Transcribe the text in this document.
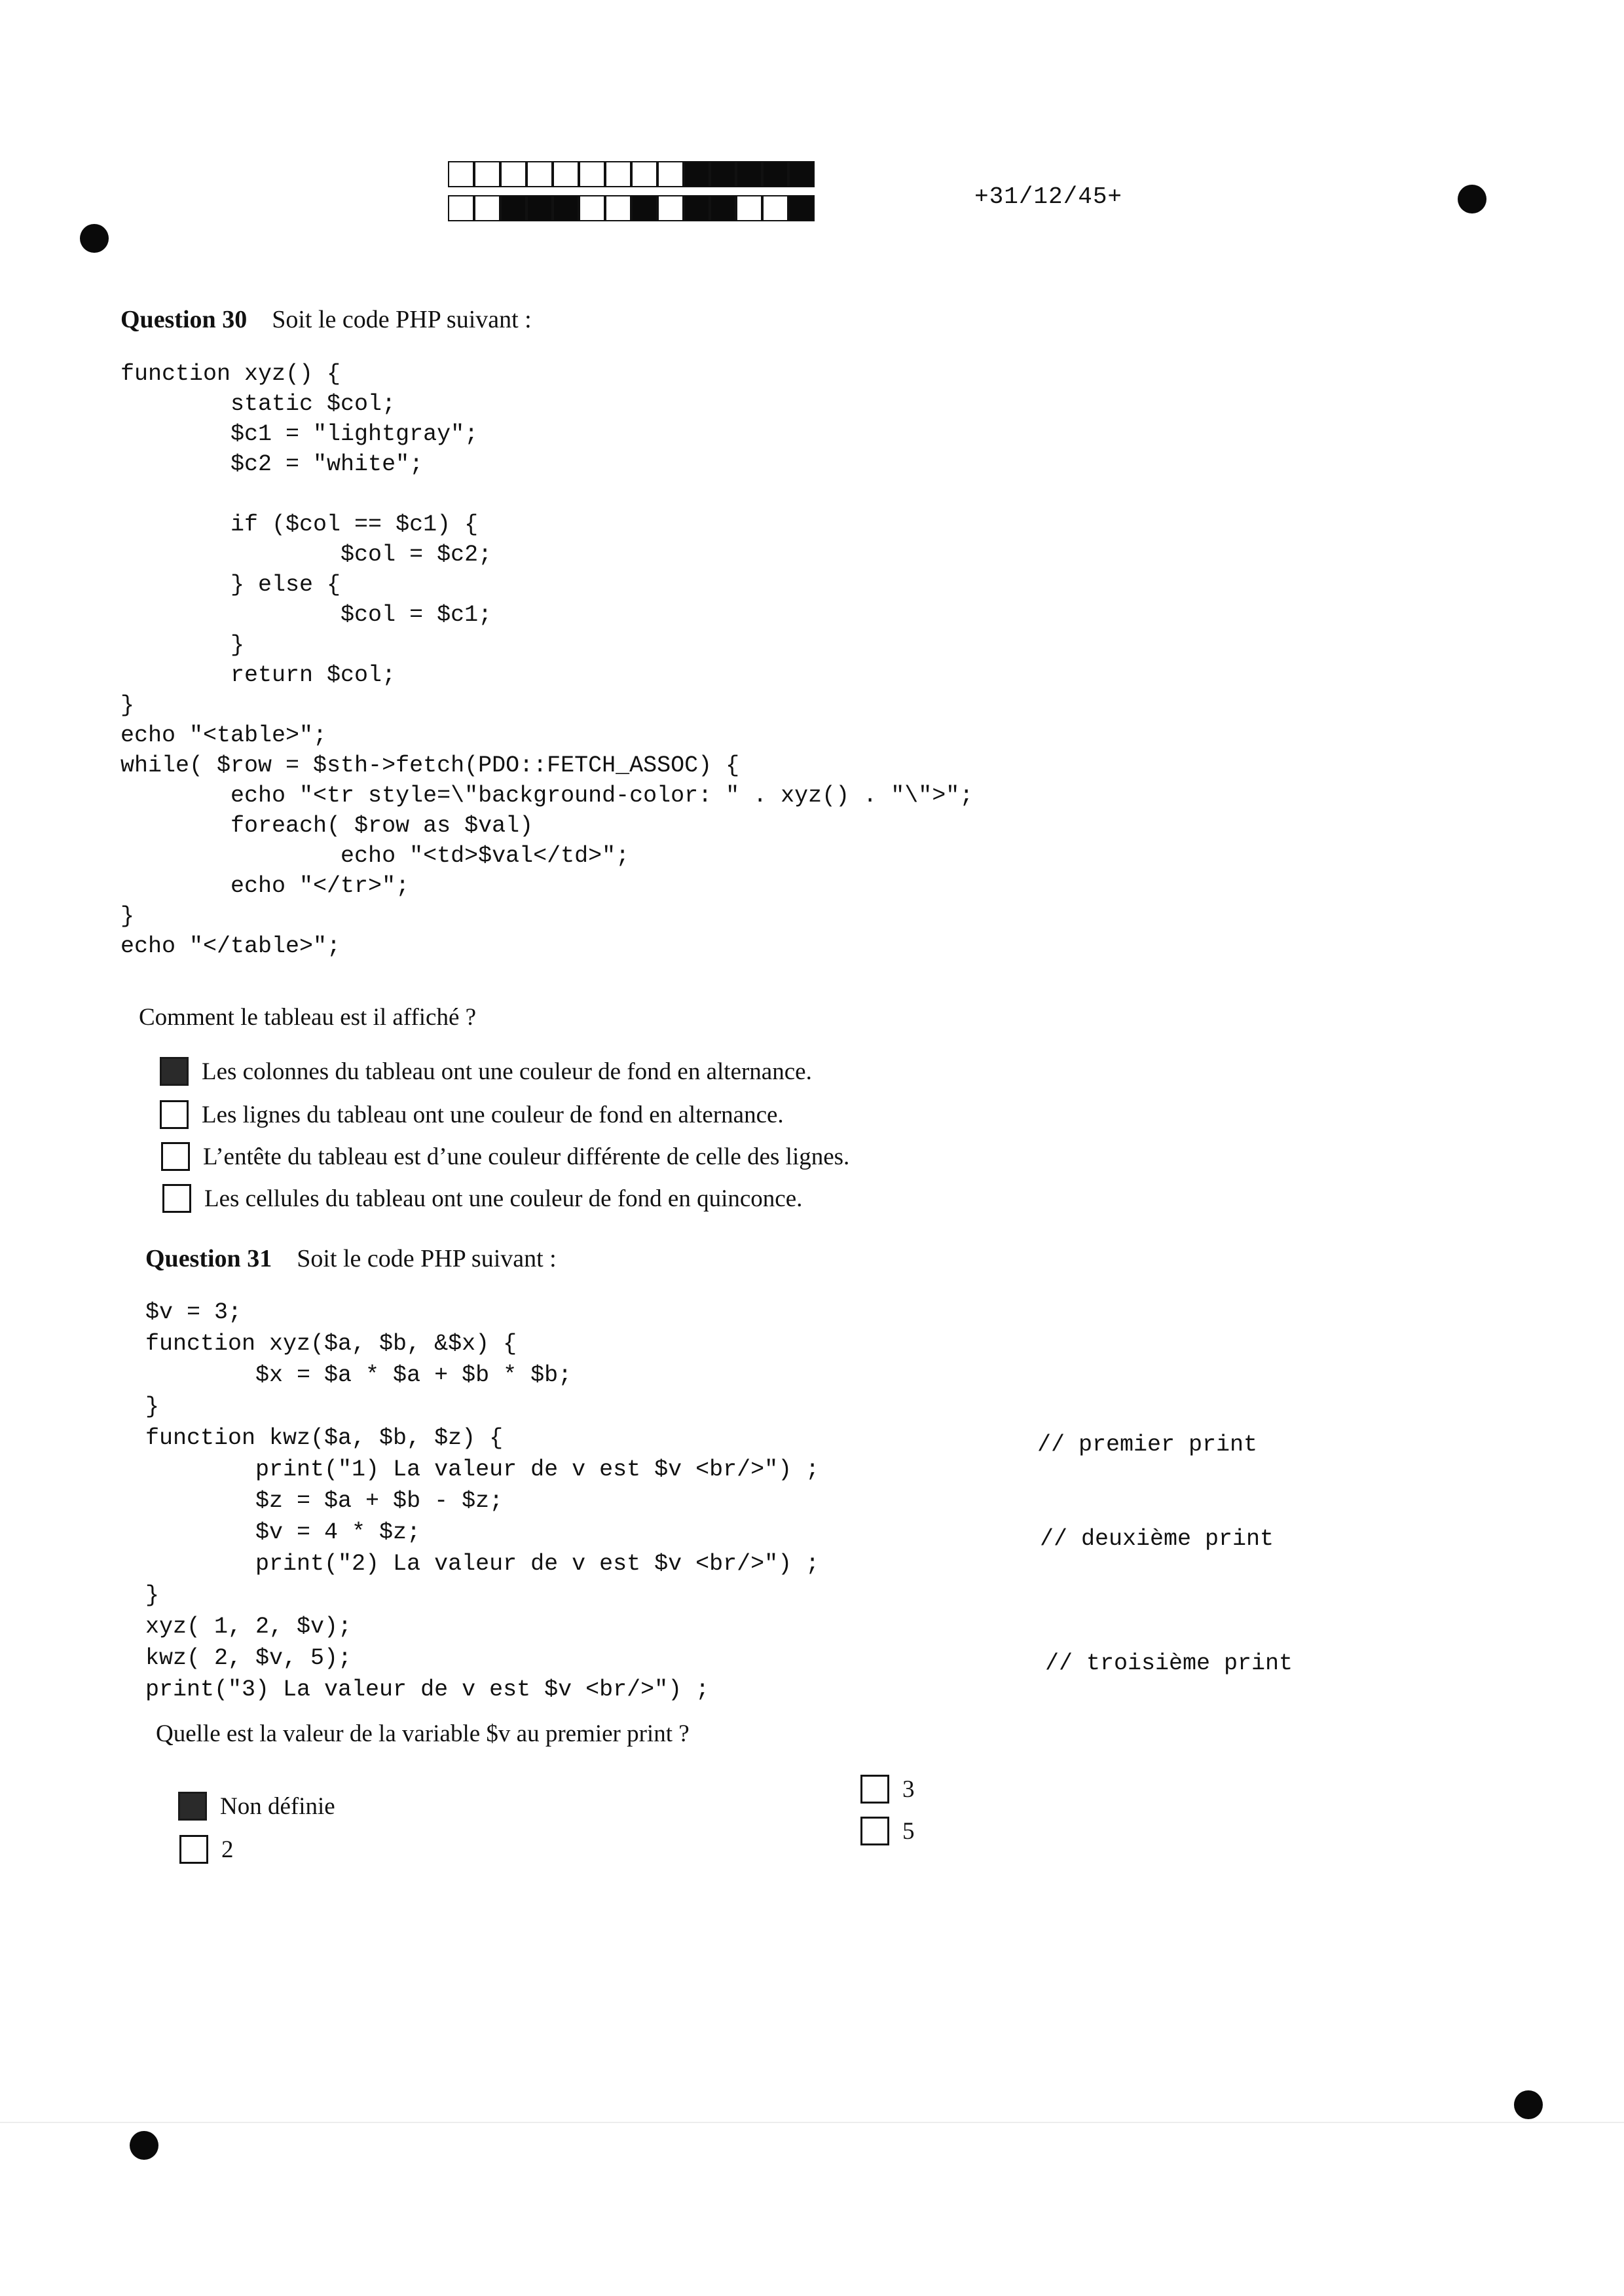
+31/12/45+
Question 30 Soit le code PHP suivant :
function xyz() {
static $col;
$c1 = "lightgray";
$c2 = "white";

if ($col == $c1) {
$col = $c2;
} else {
$col = $c1;
}
return $col;
}
echo "<table>";
while( $row = $sth->fetch(PDO::FETCH_ASSOC) {
echo "<tr style=\"background-color: " . xyz() . "\">";
foreach( $row as $val)
echo "<td>$val</td>";
echo "</tr>";
}
echo "</table>";
Comment le tableau est il affiché ?
Les colonnes du tableau ont une couleur de fond en alternance.
Les lignes du tableau ont une couleur de fond en alternance.
L’entête du tableau est d’une couleur différente de celle des lignes.
Les cellules du tableau ont une couleur de fond en quinconce.
Question 31 Soit le code PHP suivant :
$v = 3;
function xyz($a, $b, &$x) {
$x = $a * $a + $b * $b;
}
function kwz($a, $b, $z) {
print("1) La valeur de v est $v <br/>") ;
$z = $a + $b - $z;
$v = 4 * $z;
print("2) La valeur de v est $v <br/>") ;
}
xyz( 1, 2, $v);
kwz( 2, $v, 5);
print("3) La valeur de v est $v <br/>") ;
// premier print
// deuxième print
// troisième print
Quelle est la valeur de la variable $v au premier print ?
Non définie
2
3
5
